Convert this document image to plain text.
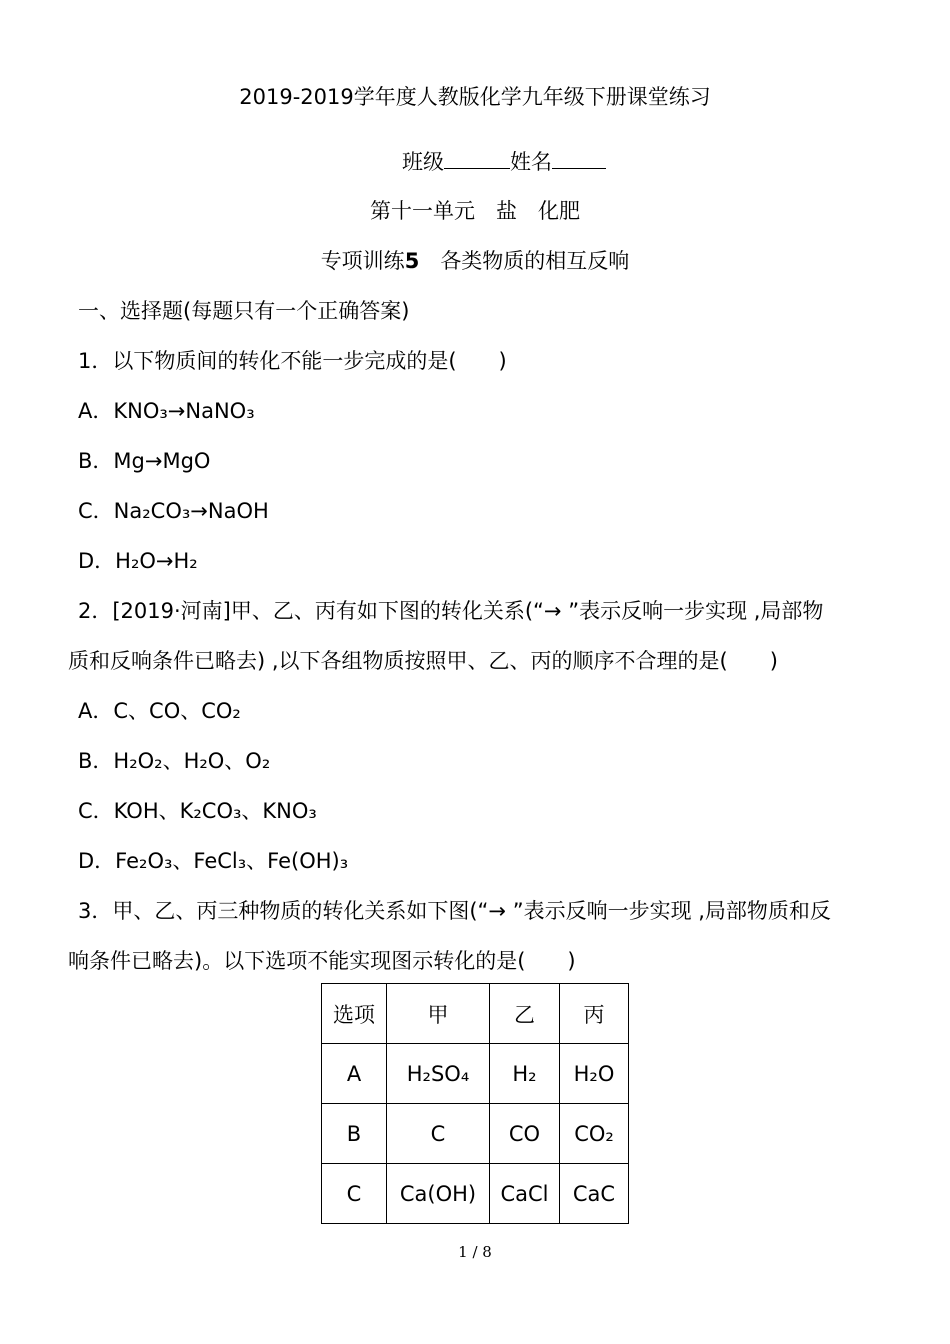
2019-2019学年度人教版化学九年级下册课堂练习
班级	姓名
第十一单元　盐　化肥
专项训练5　 各类物质的相互反响
一、选择题(每题只有一个正确答案)
1．以下物质间的转化不能一步完成的是(　　)
A．KNO₃→NaNO₃
B．Mg→MgO
C．Na₂CO₃→NaOH
D．H₂O→H₂
2．[2019·河南]甲、乙、丙有如下图的转化关系(“→ ”表示反响一步实现 ,局部物
质和反响条件已略去) ,以下各组物质按照甲、乙、丙的顺序不合理的是(　　)
A．C、CO、CO₂
B．H₂O₂、H₂O、O₂
C．KOH、K₂CO₃、KNO₃
D．Fe₂O₃、FeCl₃、Fe(OH)₃
3．甲、乙、丙三种物质的转化关系如下图(“→ ”表示反响一步实现 ,局部物质和反
响条件已略去)。以下选项不能实现图示转化的是(　　)
选项	甲	乙	丙
A	H₂SO₄	H₂	H₂O
B	C	CO	CO₂
C	Ca(OH)	CaCl	CaC
1 / 8
